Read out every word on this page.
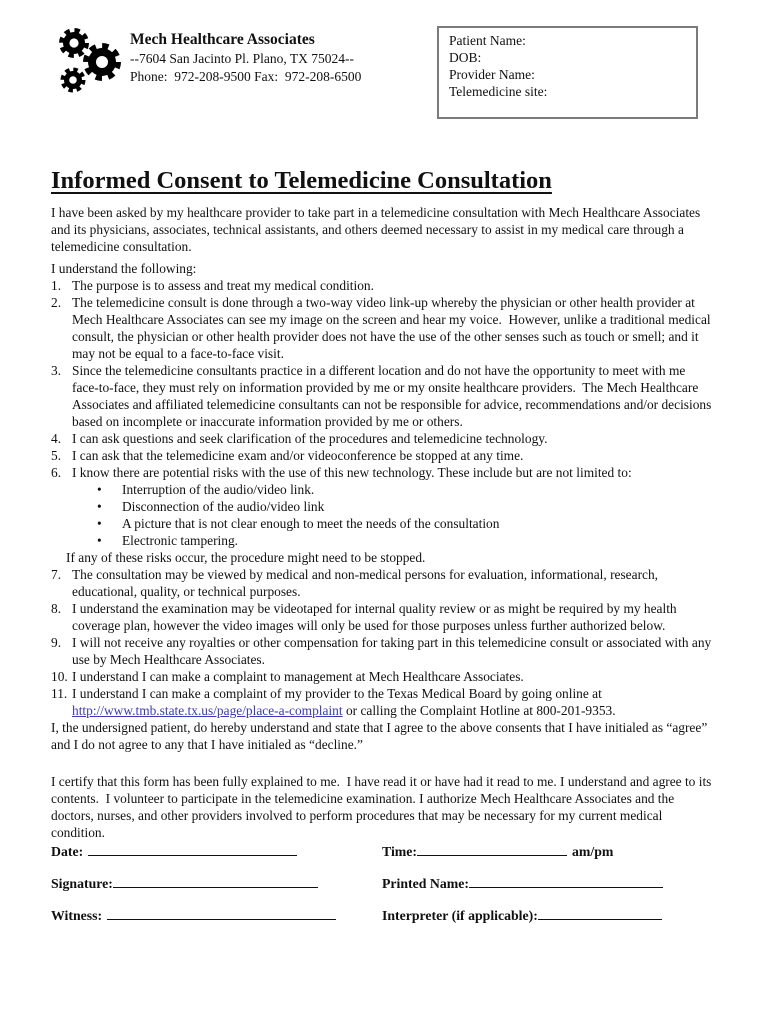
Mech Healthcare Associates
--7604 San Jacinto Pl. Plano, TX 75024--
Phone:  972-208-9500 Fax:  972-208-6500
Patient Name:
DOB:
Provider Name:
Telemedicine site:
Informed Consent to Telemedicine Consultation

I have been asked by my healthcare provider to take part in a telemedicine consultation with Mech Healthcare Associates and its physicians, associates, technical assistants, and others deemed necessary to assist in my medical care through a telemedicine consultation.

I understand the following:

1. The purpose is to assess and treat my medical condition.
2. The telemedicine consult is done through a two-way video link-up whereby the physician or other health provider at Mech Healthcare Associates can see my image on the screen and hear my voice.  However, unlike a traditional medical consult, the physician or other health provider does not have the use of the other senses such as touch or smell; and it may not be equal to a face-to-face visit.
3. Since the telemedicine consultants practice in a different location and do not have the opportunity to meet with me face-to-face, they must rely on information provided by me or my onsite healthcare providers.  The Mech Healthcare Associates and affiliated telemedicine consultants can not be responsible for advice, recommendations and/or decisions based on incomplete or inaccurate information provided by me or others.
4. I can ask questions and seek clarification of the procedures and telemedicine technology.
5. I can ask that the telemedicine exam and/or videoconference be stopped at any time.
6. I know there are potential risks with the use of this new technology. These include but are not limited to:
•	Interruption of the audio/video link.
•	Disconnection of the audio/video link
•	A picture that is not clear enough to meet the needs of the consultation
•	Electronic tampering.
If any of these risks occur, the procedure might need to be stopped.
7. The consultation may be viewed by medical and non-medical persons for evaluation, informational, research, educational, quality, or technical purposes.
8. I understand the examination may be videotaped for internal quality review or as might be required by my health coverage plan, however the video images will only be used for those purposes unless further authorized below.
9. I will not receive any royalties or other compensation for taking part in this telemedicine consult or associated with any use by Mech Healthcare Associates.
10. I understand I can make a complaint to management at Mech Healthcare Associates.
11. I understand I can make a complaint of my provider to the Texas Medical Board by going online at http://www.tmb.state.tx.us/page/place-a-complaint or calling the Complaint Hotline at 800-201-9353.

I, the undersigned patient, do hereby understand and state that I agree to the above consents that I have initialed as “agree” and I do not agree to any that I have initialed as “decline.”

I certify that this form has been fully explained to me.  I have read it or have had it read to me. I understand and agree to its contents.  I volunteer to participate in the telemedicine examination. I authorize Mech Healthcare Associates and the doctors, nurses, and other providers involved to perform procedures that may be necessary for my current medical condition.

Date:	Time:	am/pm
Signature:	Printed Name:
Witness:	Interpreter (if applicable):
